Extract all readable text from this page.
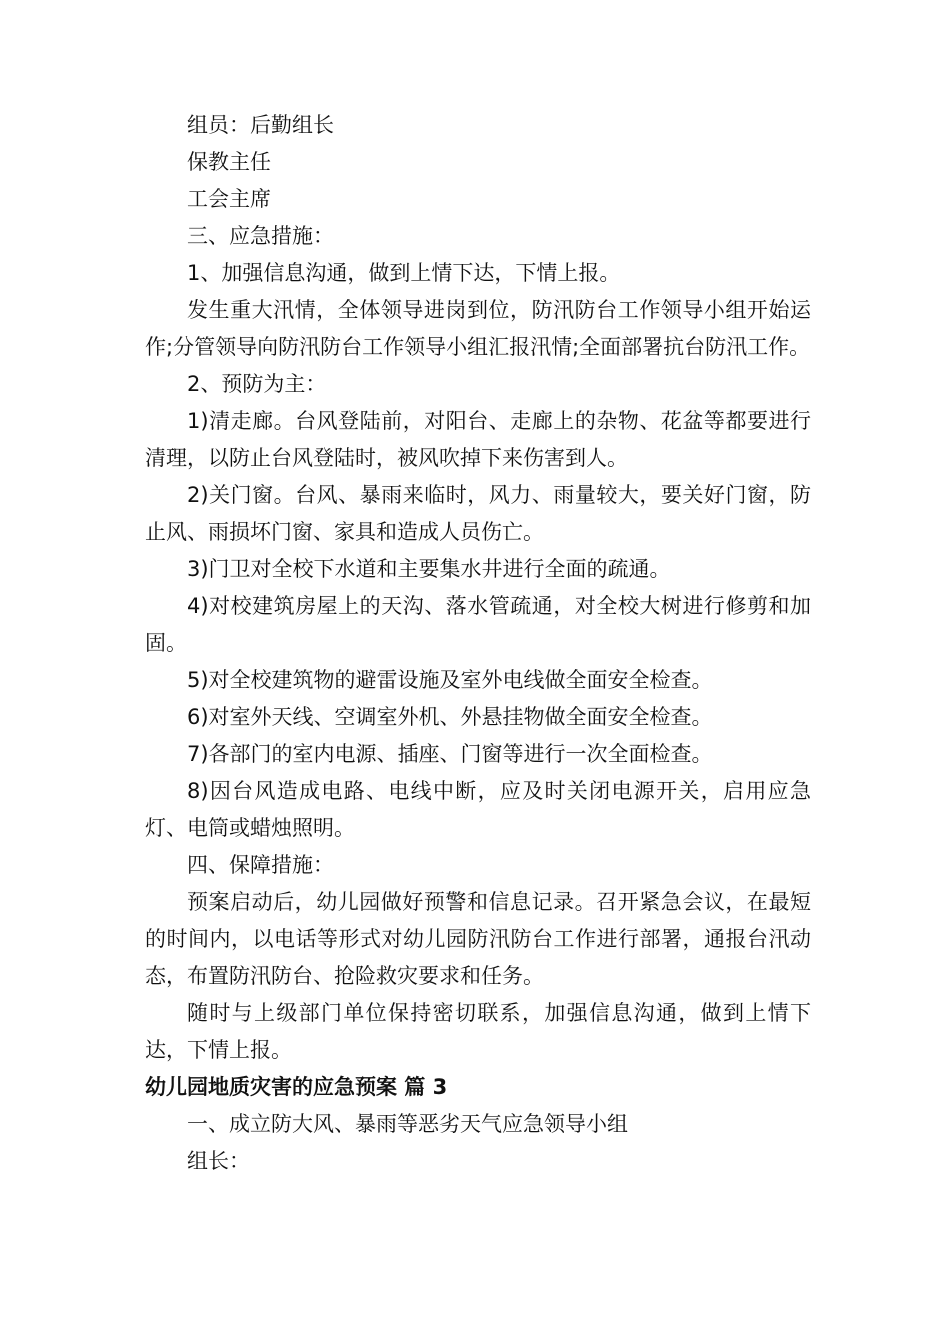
组员：后勤组长

保教主任

工会主席

三、应急措施：

1、加强信息沟通，做到上情下达，下情上报。

发生重大汛情，全体领导进岗到位，防汛防台工作领导小组开始运作;分管领导向防汛防台工作领导小组汇报汛情;全面部署抗台防汛工作。

2、预防为主：

1)清走廊。台风登陆前，对阳台、走廊上的杂物、花盆等都要进行清理，以防止台风登陆时，被风吹掉下来伤害到人。

2)关门窗。台风、暴雨来临时，风力、雨量较大，要关好门窗，防止风、雨损坏门窗、家具和造成人员伤亡。

3)门卫对全校下水道和主要集水井进行全面的疏通。

4)对校建筑房屋上的天沟、落水管疏通，对全校大树进行修剪和加固。

5)对全校建筑物的避雷设施及室外电线做全面安全检查。

6)对室外天线、空调室外机、外悬挂物做全面安全检查。

7)各部门的室内电源、插座、门窗等进行一次全面检查。

8)因台风造成电路、电线中断，应及时关闭电源开关，启用应急灯、电筒或蜡烛照明。

四、保障措施：

预案启动后，幼儿园做好预警和信息记录。召开紧急会议，在最短的时间内，以电话等形式对幼儿园防汛防台工作进行部署，通报台汛动态，布置防汛防台、抢险救灾要求和任务。

随时与上级部门单位保持密切联系，加强信息沟通，做到上情下达，下情上报。

幼儿园地质灾害的应急预案 篇 3

一、成立防大风、暴雨等恶劣天气应急领导小组

组长：
